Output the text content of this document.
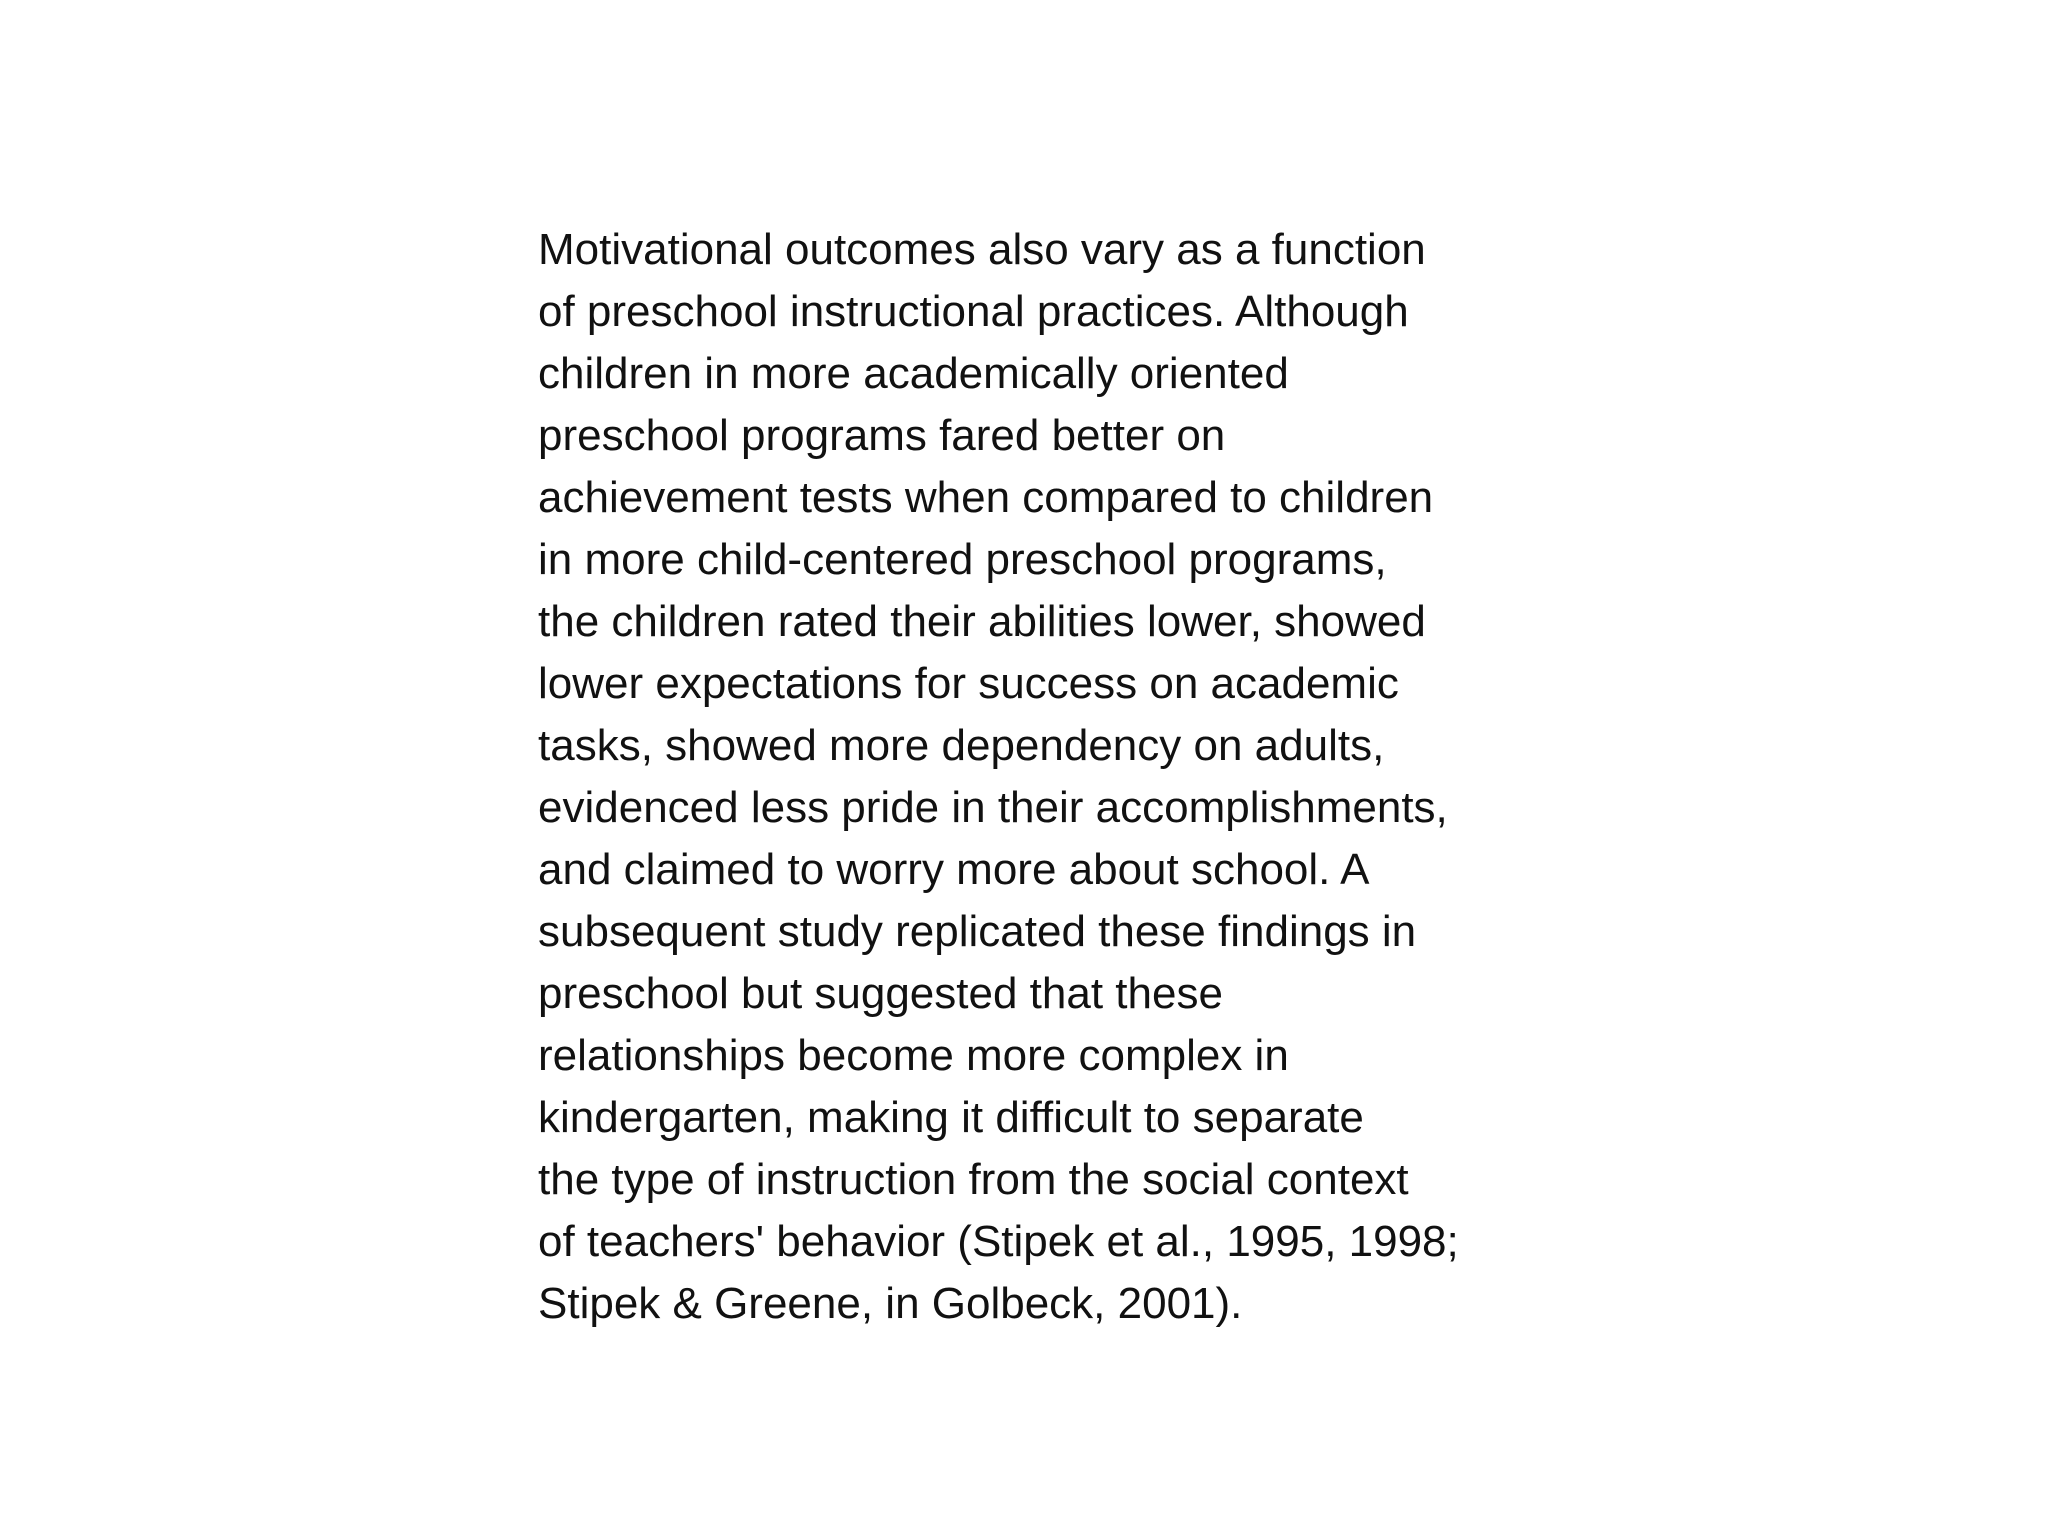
Motivational outcomes also vary as a function
of preschool instructional practices. Although
children in more academically oriented
preschool programs fared better on
achievement tests when compared to children
in more child-centered preschool programs,
the children rated their abilities lower, showed
lower expectations for success on academic
tasks, showed more dependency on adults,
evidenced less pride in their accomplishments,
and claimed to worry more about school. A
subsequent study replicated these findings in
preschool but suggested that these
relationships become more complex in
kindergarten, making it difficult to separate
the type of instruction from the social context
of teachers' behavior (Stipek et al., 1995, 1998;
Stipek & Greene, in Golbeck, 2001).
